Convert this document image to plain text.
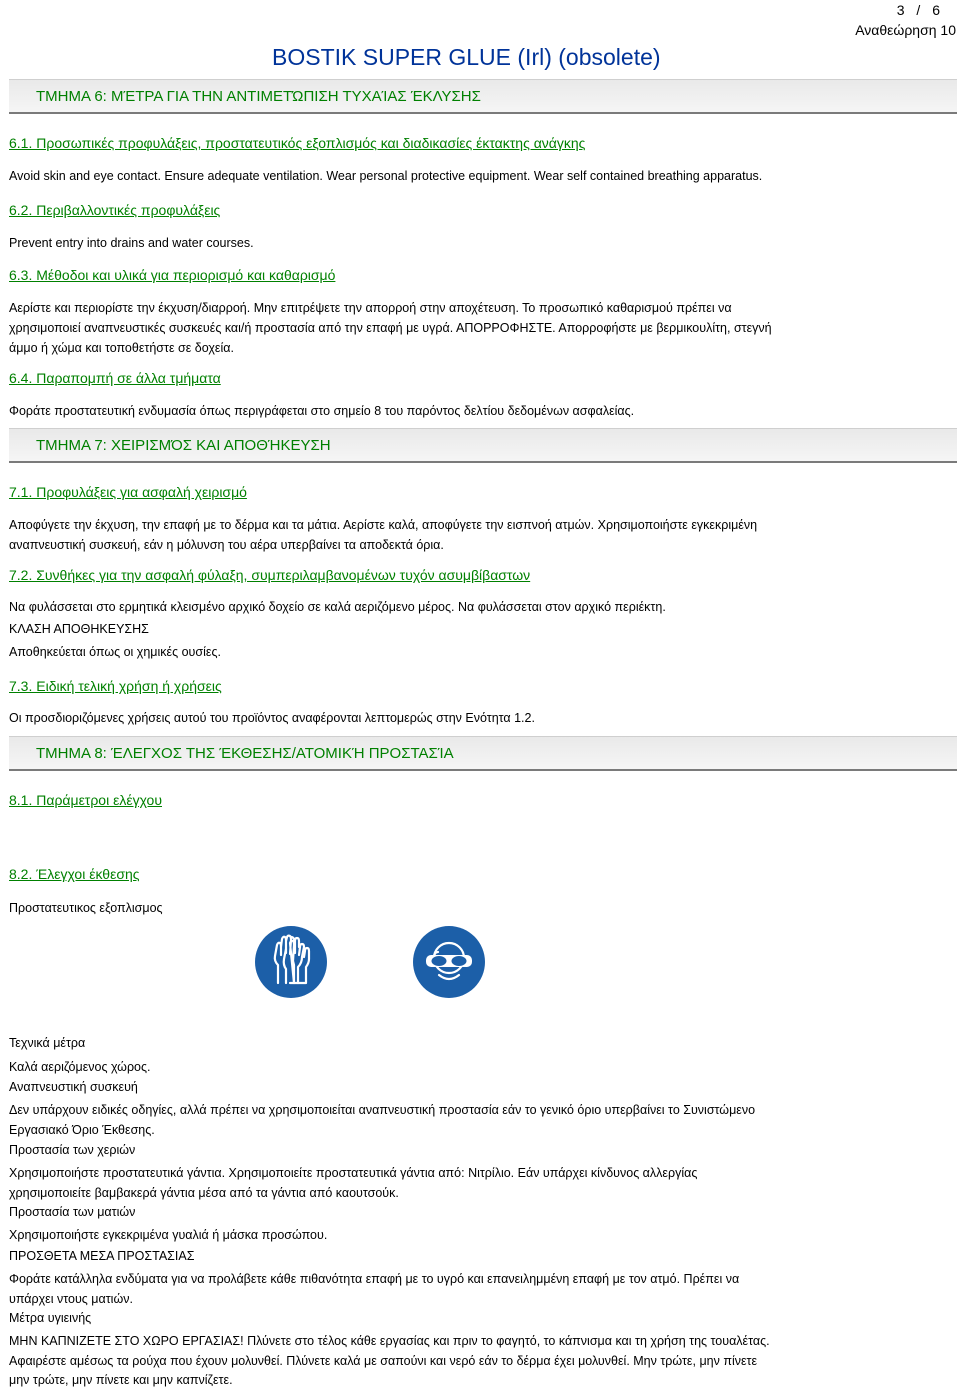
3 / 6
Αναθεώρηση 10
BOSTIK SUPER GLUE (Irl) (obsolete)
ΤΜΗΜΑ 6: ΜΈΤΡΑ ΓΙΑ ΤΗΝ ΑΝΤΙΜΕΤΏΠΙΣΗ ΤΥΧΑΊΑΣ ΈΚΛΥΣΗΣ
6.1. Προσωπικές προφυλάξεις, προστατευτικός εξοπλισμός και διαδικασίες έκτακτης ανάγκης
Avoid skin and eye contact. Ensure adequate ventilation. Wear personal protective equipment. Wear self contained breathing apparatus.
6.2. Περιβαλλοντικές προφυλάξεις
Prevent entry into drains and water courses.
6.3. Μέθοδοι και υλικά για περιορισμό και καθαρισμό
Αερίστε και περιορίστε την έκχυση/διαρροή. Μην επιτρέψετε την απορροή στην αποχέτευση. Το προσωπικό καθαρισμού πρέπει να
χρησιμοποιεί αναπνευστικές συσκευές και/ή προστασία από την επαφή με υγρά. ΑΠΟΡΡΟΦΗΣΤΕ. Απορροφήστε με βερμικουλίτη, στεγνή
άμμο ή χώμα και τοποθετήστε σε δοχεία.
6.4. Παραπομπή σε άλλα τμήματα
Φοράτε προστατευτική ενδυμασία όπως περιγράφεται στο σημείο 8 του παρόντος δελτίου δεδομένων ασφαλείας.
ΤΜΗΜΑ 7: ΧΕΙΡΙΣΜΌΣ ΚΑΙ ΑΠΟΘΉΚΕΥΣΗ
7.1. Προφυλάξεις για ασφαλή χειρισμό
Αποφύγετε την έκχυση, την επαφή με το δέρμα και τα μάτια. Αερίστε καλά, αποφύγετε την εισπνοή ατμών. Χρησιμοποιήστε εγκεκριμένη
αναπνευστική συσκευή, εάν η μόλυνση του αέρα υπερβαίνει τα αποδεκτά όρια.
7.2. Συνθήκες για την ασφαλή φύλαξη, συμπεριλαμβανομένων τυχόν ασυμβίβαστων
Να φυλάσσεται στο ερμητικά κλεισμένο αρχικό δοχείο σε καλά αεριζόμενο μέρος. Να φυλάσσεται στον αρχικό περιέκτη.
ΚΛΑΣΗ ΑΠΟΘΗΚΕΥΣΗΣ
Αποθηκεύεται όπως οι χημικές ουσίες.
7.3. Ειδική τελική χρήση ή χρήσεις
Οι προσδιοριζόμενες χρήσεις αυτού του προϊόντος αναφέρονται λεπτομερώς στην Ενότητα 1.2.
ΤΜΗΜΑ 8: ΈΛΕΓΧΟΣ ΤΗΣ ΈΚΘΕΣΗΣ/ΑΤΟΜΙΚΉ ΠΡΟΣΤΑΣΊΑ
8.1. Παράμετροι ελέγχου
8.2. Έλεγχοι έκθεσης
Προστατευτικος εξοπλισμος
Τεχνικά μέτρα
Καλά αεριζόμενος χώρος.
Αναπνευστική συσκευή
Δεν υπάρχουν ειδικές οδηγίες, αλλά πρέπει να χρησιμοποιείται αναπνευστική προστασία εάν το γενικό όριο υπερβαίνει το Συνιστώμενο
Εργασιακό Όριο Έκθεσης.
Προστασία των χεριών
Χρησιμοποιήστε προστατευτικά γάντια. Χρησιμοποιείτε προστατευτικά γάντια από: Νιτρίλιο. Εάν υπάρχει κίνδυνος αλλεργίας
χρησιμοποιείτε βαμβακερά γάντια μέσα από τα γάντια από καουτσούκ.
Προστασία των ματιών
Χρησιμοποιήστε εγκεκριμένα γυαλιά ή μάσκα προσώπου.
ΠΡΟΣΘΕΤΑ ΜΕΣΑ ΠΡΟΣΤΑΣΙΑΣ
Φοράτε κατάλληλα ενδύματα για να προλάβετε κάθε πιθανότητα επαφή με το υγρό και επανειλημμένη επαφή με τον ατμό. Πρέπει να
υπάρχει ντους ματιών.
Μέτρα υγιεινής
ΜΗΝ ΚΑΠΝΙΖΕΤΕ ΣΤΟ ΧΩΡΟ ΕΡΓΑΣΙΑΣ! Πλύνετε στο τέλος κάθε εργασίας και πριν το φαγητό, το κάπνισμα και τη χρήση της τουαλέτας.
Αφαιρέστε αμέσως τα ρούχα που έχουν μολυνθεί. Πλύνετε καλά με σαπούνι και νερό εάν το δέρμα έχει μολυνθεί. Μην τρώτε, μην πίνετε
μην τρώτε, μην πίνετε και μην καπνίζετε.
